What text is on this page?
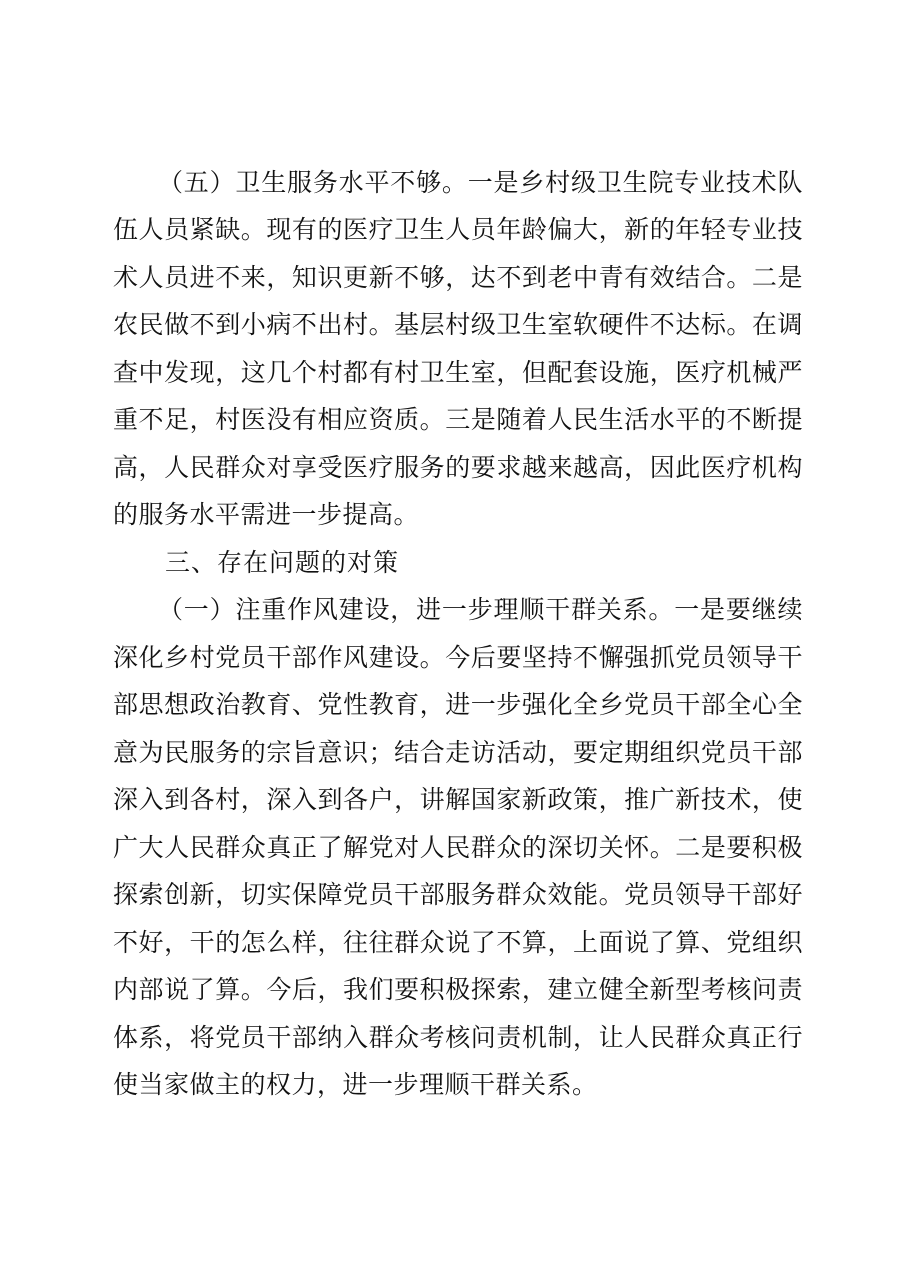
（五）卫生服务水平不够。一是乡村级卫生院专业技术队

伍人员紧缺。现有的医疗卫生人员年龄偏大，新的年轻专业技

术人员进不来，知识更新不够，达不到老中青有效结合。二是

农民做不到小病不出村。基层村级卫生室软硬件不达标。在调

查中发现，这几个村都有村卫生室，但配套设施，医疗机械严

重不足，村医没有相应资质。三是随着人民生活水平的不断提

高，人民群众对享受医疗服务的要求越来越高，因此医疗机构

的服务水平需进一步提高。

三、存在问题的对策

（一）注重作风建设，进一步理顺干群关系。一是要继续

深化乡村党员干部作风建设。今后要坚持不懈强抓党员领导干

部思想政治教育、党性教育，进一步强化全乡党员干部全心全

意为民服务的宗旨意识；结合走访活动，要定期组织党员干部

深入到各村，深入到各户，讲解国家新政策，推广新技术，使

广大人民群众真正了解党对人民群众的深切关怀。二是要积极

探索创新，切实保障党员干部服务群众效能。党员领导干部好

不好，干的怎么样，往往群众说了不算，上面说了算、党组织

内部说了算。今后，我们要积极探索，建立健全新型考核问责

体系，将党员干部纳入群众考核问责机制，让人民群众真正行

使当家做主的权力，进一步理顺干群关系。
